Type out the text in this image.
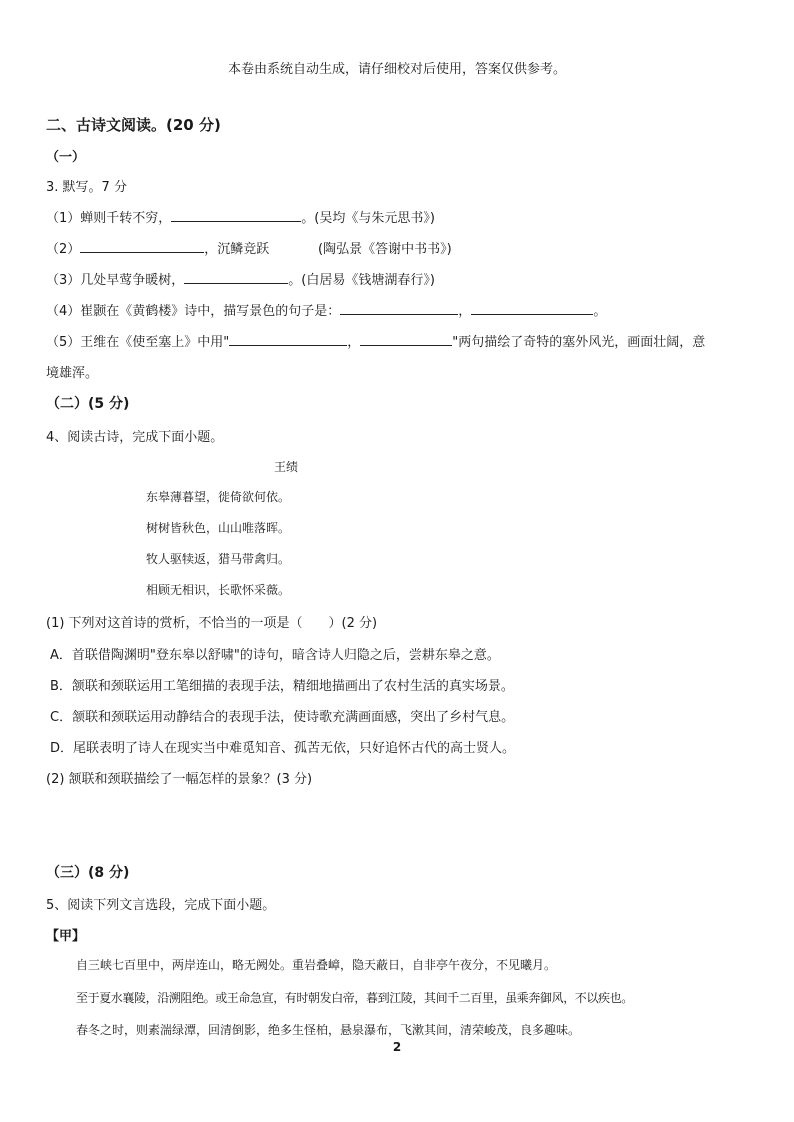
本卷由系统自动生成，请仔细校对后使用，答案仅供参考。
二、古诗文阅读。(20 分)
（一）
3. 默写。7 分
（1）蝉则千转不穷，	。(吴均《与朱元思书》)
（2）	，沉鳞竞跃	(陶弘景《答谢中书书》)
（3）几处早莺争暖树，	。(白居易《钱塘湖春行》)
（4）崔颢在《黄鹤楼》诗中，描写景色的句子是：	，	。
（5）王维在《使至塞上》中用"	，	"两句描绘了奇特的塞外风光，画面壮阔，意
境雄浑。
（二）(5 分)
4、阅读古诗，完成下面小题。
王绩
东皋薄暮望，徙倚欲何依。
树树皆秋色，山山唯落晖。
牧人驱犊返，猎马带禽归。
相顾无相识，长歌怀采薇。
(1) 下列对这首诗的赏析，不恰当的一项是（　　）(2 分)
A．首联借陶渊明"登东皋以舒啸"的诗句，暗含诗人归隐之后，尝耕东皋之意。
B．颔联和颈联运用工笔细描的表现手法，精细地描画出了农村生活的真实场景。
C．颔联和颈联运用动静结合的表现手法，使诗歌充满画面感，突出了乡村气息。
D．尾联表明了诗人在现实当中难觅知音、孤苦无依，只好追怀古代的高士贤人。
(2) 颔联和颈联描绘了一幅怎样的景象？(3 分)
（三）(8 分)
5、阅读下列文言选段，完成下面小题。
【甲】
自三峡七百里中，两岸连山，略无阙处。重岩叠嶂，隐天蔽日，自非亭午夜分，不见曦月。
至于夏水襄陵，沿溯阻绝。或王命急宣，有时朝发白帝，暮到江陵，其间千二百里，虽乘奔御风，不以疾也。
春冬之时，则素湍绿潭，回清倒影，绝多生怪柏，悬泉瀑布，飞漱其间，清荣峻茂，良多趣味。
2
